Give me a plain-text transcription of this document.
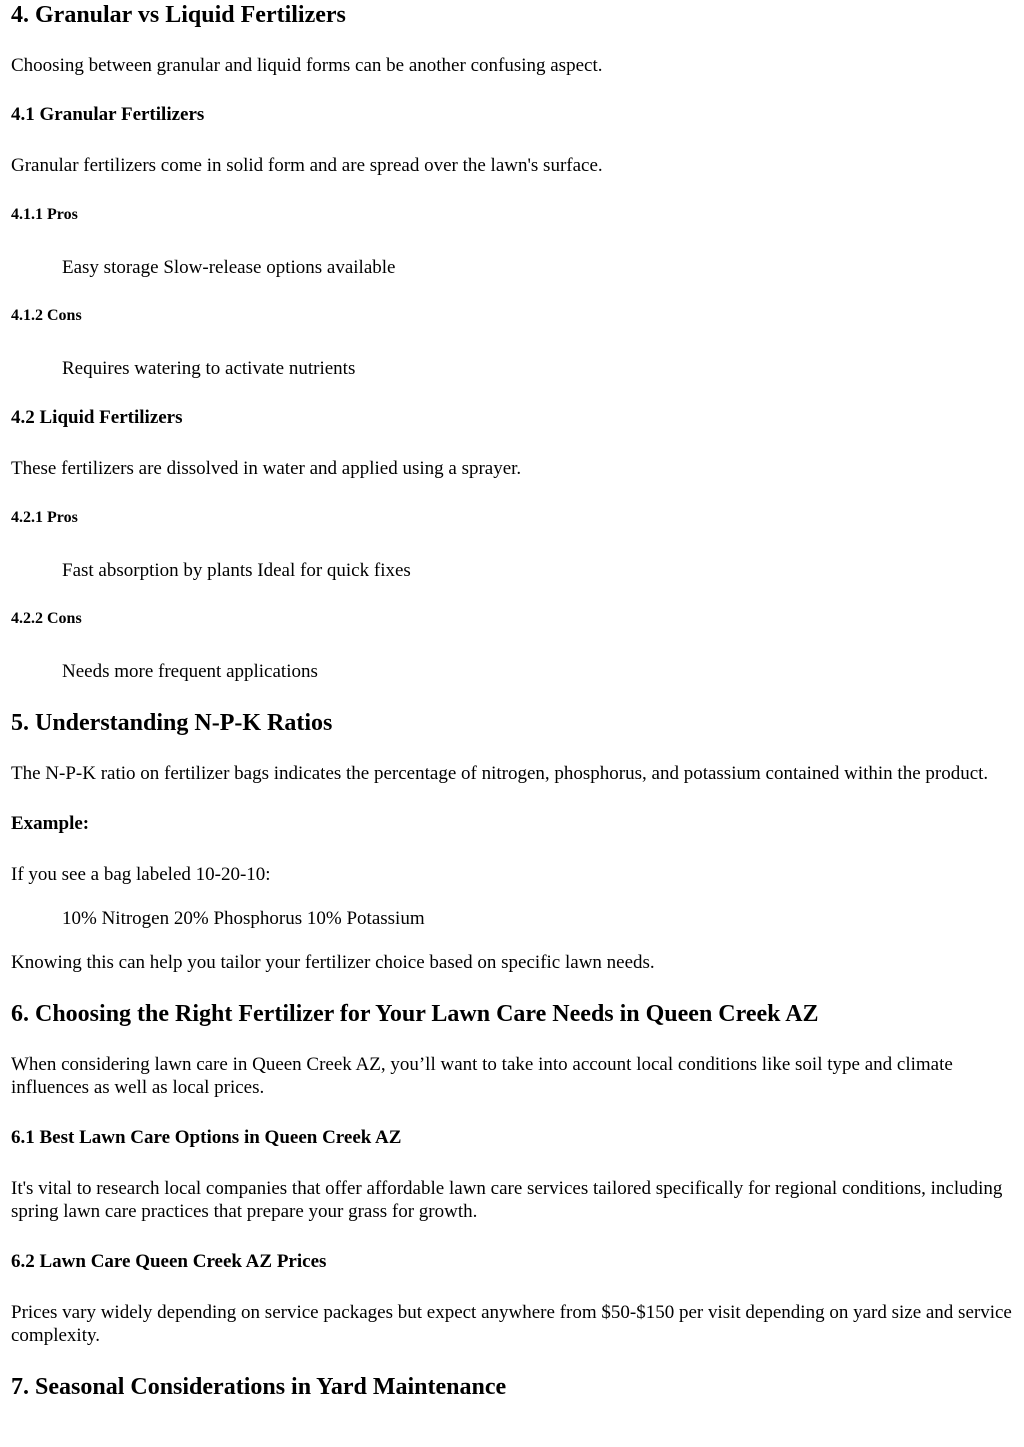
4. Granular vs Liquid Fertilizers

Choosing between granular and liquid forms can be another confusing aspect.

4.1 Granular Fertilizers

Granular fertilizers come in solid form and are spread over the lawn's surface.

4.1.1 Pros
Easy storage Slow-release options available
4.1.2 Cons
Requires watering to activate nutrients
4.2 Liquid Fertilizers

These fertilizers are dissolved in water and applied using a sprayer.

4.2.1 Pros
Fast absorption by plants Ideal for quick fixes
4.2.2 Cons
Needs more frequent applications
5. Understanding N-P-K Ratios

The N-P-K ratio on fertilizer bags indicates the percentage of nitrogen, phosphorus, and potassium contained within the product.

Example:

If you see a bag labeled 10-20-10:

10% Nitrogen 20% Phosphorus 10% Potassium

Knowing this can help you tailor your fertilizer choice based on specific lawn needs.

6. Choosing the Right Fertilizer for Your Lawn Care Needs in Queen Creek AZ

When considering lawn care in Queen Creek AZ, you’ll want to take into account local conditions like soil type and climate influences as well as local prices.

6.1 Best Lawn Care Options in Queen Creek AZ

It's vital to research local companies that offer affordable lawn care services tailored specifically for regional conditions, including spring lawn care practices that prepare your grass for growth.

6.2 Lawn Care Queen Creek AZ Prices

Prices vary widely depending on service packages but expect anywhere from $50-$150 per visit depending on yard size and service complexity.

7. Seasonal Considerations in Yard Maintenance
